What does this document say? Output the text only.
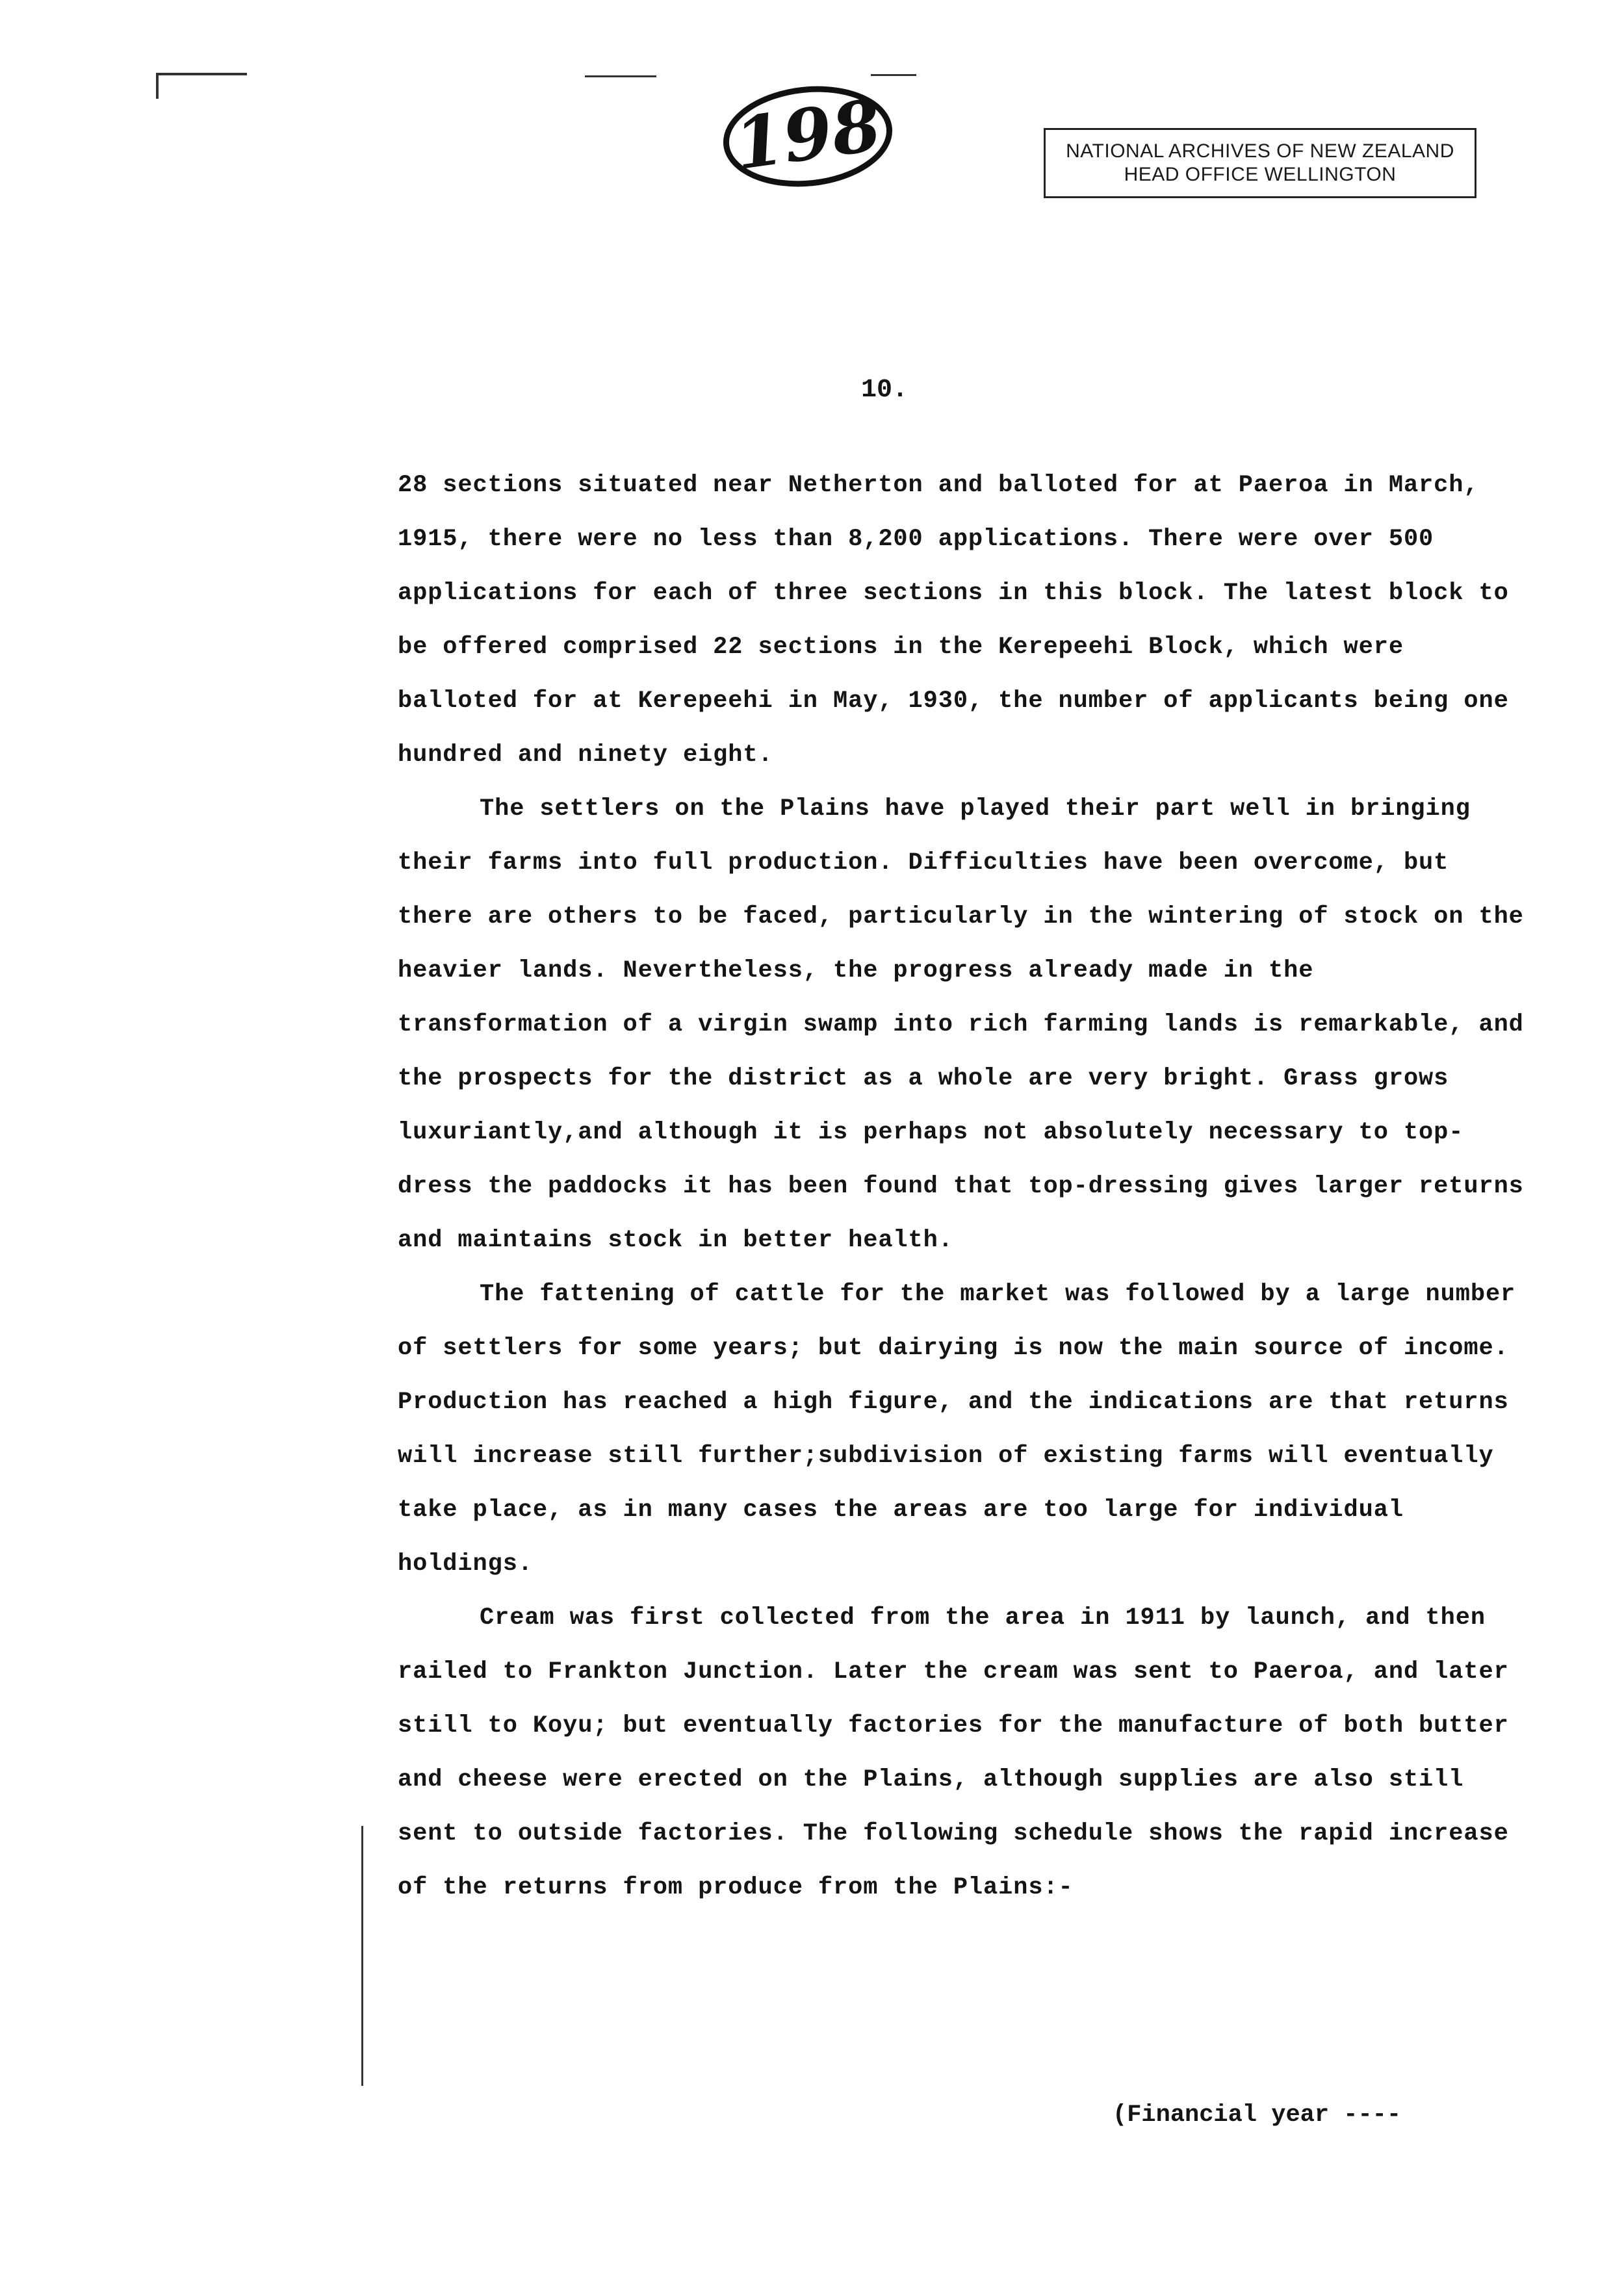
198	NATIONAL ARCHIVES OF NEW ZEALAND
HEAD OFFICE WELLINGTON
10.

28 sections situated near Netherton and balloted for at Paeroa in March, 1915, there were no less than 8,200 applications. There were over 500 applications for each of three sections in this block. The latest block to be offered comprised 22 sections in the Kerepeehi Block, which were balloted for at Kerepeehi in May, 1930, the number of applicants being one hundred and ninety eight.

The settlers on the Plains have played their part well in bringing their farms into full production. Difficulties have been overcome, but there are others to be faced, particularly in the wintering of stock on the heavier lands. Nevertheless, the progress already made in the transformation of a virgin swamp into rich farming lands is remarkable, and the prospects for the district as a whole are very bright. Grass grows luxuriantly,and although it is perhaps not absolutely necessary to top-dress the paddocks it has been found that top-dressing gives larger returns and maintains stock in better health.

The fattening of cattle for the market was followed by a large number of settlers for some years; but dairying is now the main source of income. Production has reached a high figure, and the indications are that returns will increase still further;subdivision of existing farms will eventually take place, as in many cases the areas are too large for individual holdings.

Cream was first collected from the area in 1911 by launch, and then railed to Frankton Junction. Later the cream was sent to Paeroa, and later still to Koyu; but eventually factories for the manufacture of both butter and cheese were erected on the Plains, although supplies are also still sent to outside factories. The following schedule shows the rapid increase of the returns from produce from the Plains:-

(Financial year ----
